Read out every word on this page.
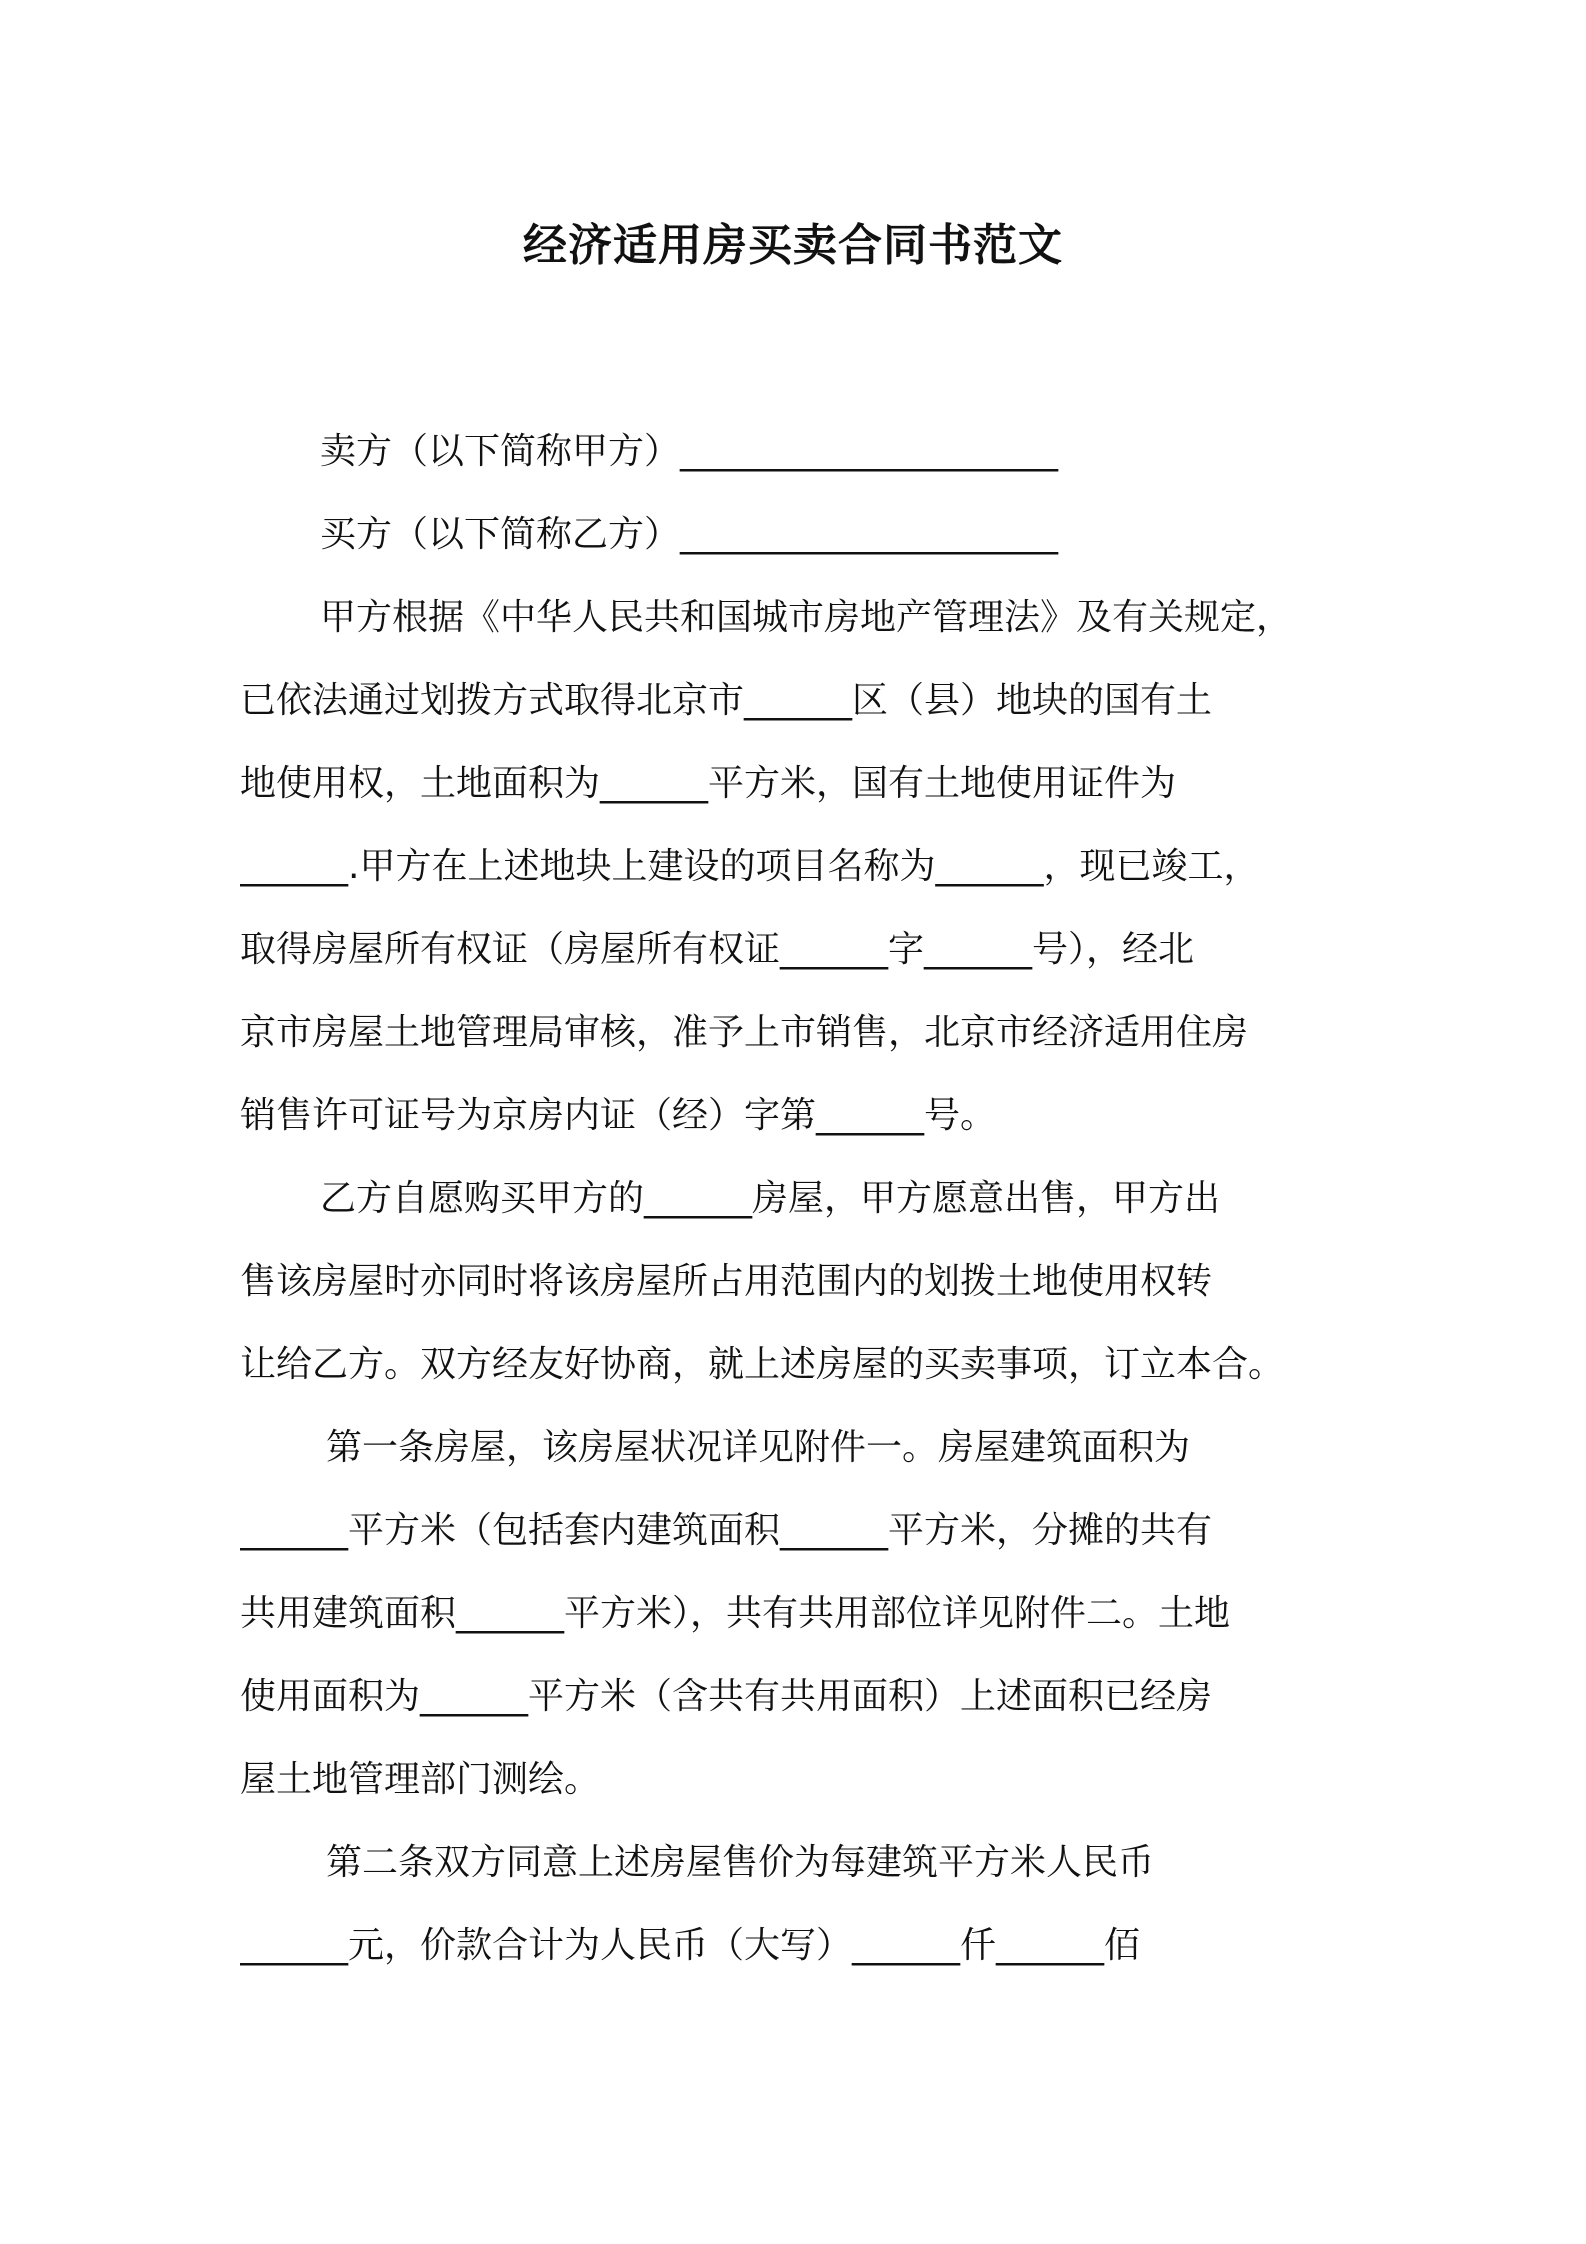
经济适用房买卖合同书范文
卖方（以下简称甲方）_____________________
买方（以下简称乙方）_____________________
甲方根据《中华人民共和国城市房地产管理法》及有关规定，
已依法通过划拨方式取得北京市______区（县）地块的国有土
地使用权，土地面积为______平方米，国有土地使用证件为
______.甲方在上述地块上建设的项目名称为______，现已竣工，
取得房屋所有权证（房屋所有权证______字______号），经北
京市房屋土地管理局审核，准予上市销售，北京市经济适用住房
销售许可证号为京房内证（经）字第______号。
乙方自愿购买甲方的______房屋，甲方愿意出售，甲方出
售该房屋时亦同时将该房屋所占用范围内的划拨土地使用权转
让给乙方。双方经友好协商，就上述房屋的买卖事项，订立本合。
第一条房屋，该房屋状况详见附件一。房屋建筑面积为
______平方米（包括套内建筑面积______平方米，分摊的共有
共用建筑面积______平方米），共有共用部位详见附件二。土地
使用面积为______平方米（含共有共用面积）上述面积已经房
屋土地管理部门测绘。
第二条双方同意上述房屋售价为每建筑平方米人民币
______元，价款合计为人民币（大写）______仟______佰
